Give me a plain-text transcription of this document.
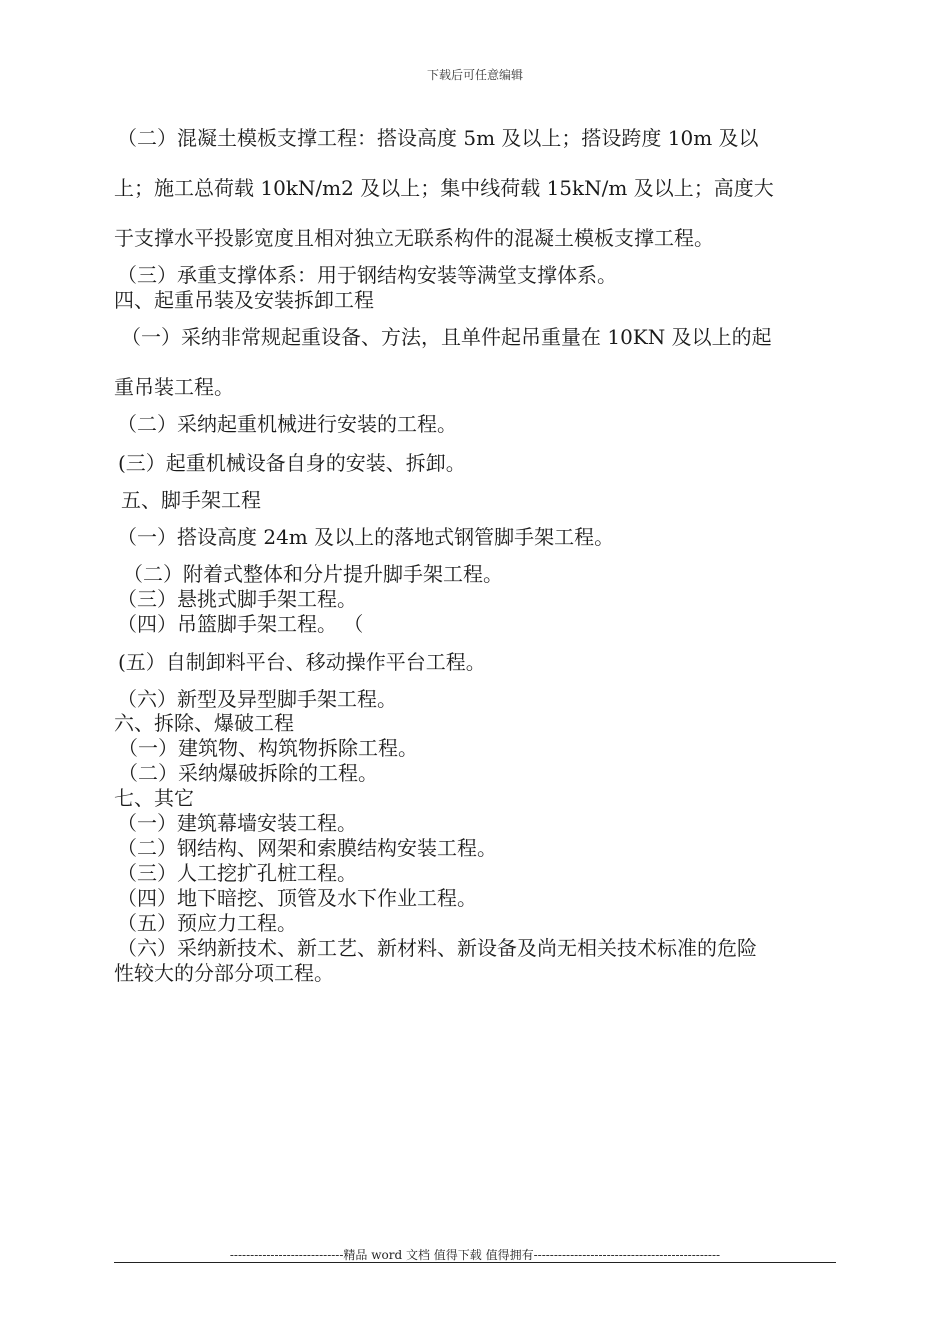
下载后可任意编辑
（二）混凝土模板支撑工程：搭设高度 5m 及以上；搭设跨度 10m 及以
上；施工总荷载 10kN/m2 及以上；集中线荷载 15kN/m 及以上；高度大
于支撑水平投影宽度且相对独立无联系构件的混凝土模板支撑工程。
（三）承重支撑体系：用于钢结构安装等满堂支撑体系。
四、起重吊装及安装拆卸工程
（一）采纳非常规起重设备、方法，且单件起吊重量在 10KN 及以上的起
重吊装工程。
（二）采纳起重机械进行安装的工程。
(三）起重机械设备自身的安装、拆卸。
五、脚手架工程
（一）搭设高度 24m 及以上的落地式钢管脚手架工程。
（二）附着式整体和分片提升脚手架工程。
（三）悬挑式脚手架工程。
（四）吊篮脚手架工程。 （
(五）自制卸料平台、移动操作平台工程。
（六）新型及异型脚手架工程。
六、拆除、爆破工程
（一）建筑物、构筑物拆除工程。
（二）采纳爆破拆除的工程。
七、其它
（一）建筑幕墙安装工程。
（二）钢结构、网架和索膜结构安装工程。
（三）人工挖扩孔桩工程。
（四）地下暗挖、顶管及水下作业工程。
（五）预应力工程。
（六）采纳新技术、新工艺、新材料、新设备及尚无相关技术标准的危险
性较大的分部分项工程。
----------------------------精品 word 文档 值得下载 值得拥有----------------------------------------------
